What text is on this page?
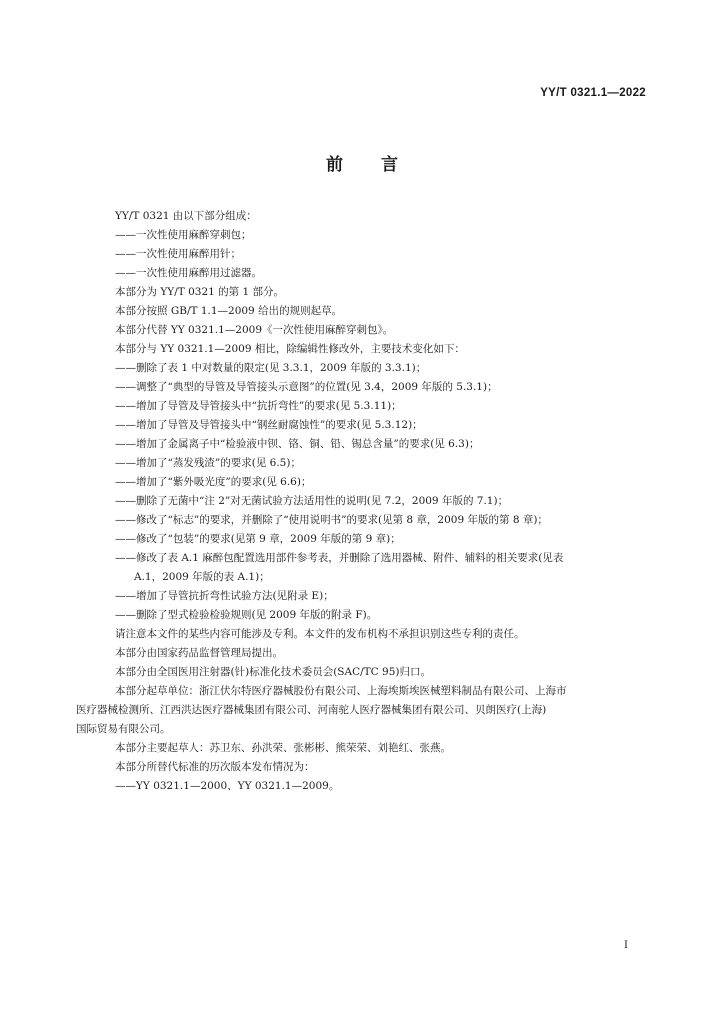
YY/T 0321.1—2022
前 言
YY/T 0321 由以下部分组成：
——一次性使用麻醉穿刺包；
——一次性使用麻醉用针；
——一次性使用麻醉用过滤器。
本部分为 YY/T 0321 的第 1 部分。
本部分按照 GB/T 1.1—2009 给出的规则起草。
本部分代替 YY 0321.1—2009《一次性使用麻醉穿刺包》。
本部分与 YY 0321.1—2009 相比，除编辑性修改外，主要技术变化如下：
——删除了表 1 中对数量的限定(见 3.3.1，2009 年版的 3.3.1)；
——调整了“典型的导管及导管接头示意图”的位置(见 3.4，2009 年版的 5.3.1)；
——增加了导管及导管接头中“抗折弯性”的要求(见 5.3.11)；
——增加了导管及导管接头中“钢丝耐腐蚀性”的要求(见 5.3.12)；
——增加了金属离子中“检验液中钡、铬、铜、铅、锡总含量”的要求(见 6.3)；
——增加了“蒸发残渣”的要求(见 6.5)；
——增加了“紫外吸光度”的要求(见 6.6)；
——删除了无菌中“注 2”对无菌试验方法适用性的说明(见 7.2，2009 年版的 7.1)；
——修改了“标志”的要求，并删除了“使用说明书”的要求(见第 8 章，2009 年版的第 8 章)；
——修改了“包装”的要求(见第 9 章，2009 年版的第 9 章)；
——修改了表 A.1 麻醉包配置选用部件参考表，并删除了选用器械、附件、辅料的相关要求(见表
A.1，2009 年版的表 A.1)；
——增加了导管抗折弯性试验方法(见附录 E)；
——删除了型式检验检验规则(见 2009 年版的附录 F)。
请注意本文件的某些内容可能涉及专利。本文件的发布机构不承担识别这些专利的责任。
本部分由国家药品监督管理局提出。
本部分由全国医用注射器(针)标准化技术委员会(SAC/TC 95)归口。
本部分起草单位：浙江伏尔特医疗器械股份有限公司、上海埃斯埃医械塑料制品有限公司、上海市
医疗器械检测所、江西洪达医疗器械集团有限公司、河南驼人医疗器械集团有限公司、贝朗医疗(上海)
国际贸易有限公司。
本部分主要起草人：苏卫东、孙洪荣、张彬彬、熊荣荣、刘艳红、张燕。
本部分所替代标准的历次版本发布情况为：
——YY 0321.1—2000、YY 0321.1—2009。
I
